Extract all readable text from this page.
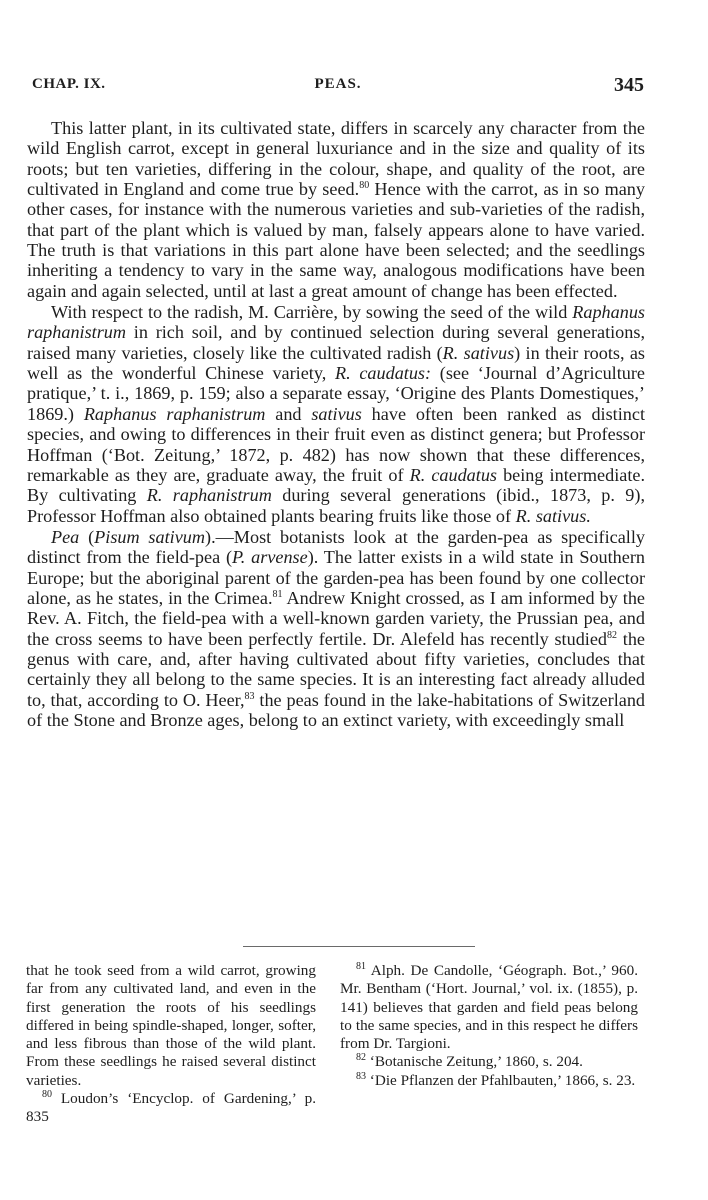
CHAP. IX.	PEAS.	345

This latter plant, in its cultivated state, differs in scarcely any character from the wild English carrot, except in general luxuriance and in the size and quality of its roots; but ten varieties, differing in the colour, shape, and quality of the root, are cultivated in England and come true by seed.$^{80}$ Hence with the carrot, as in so many other cases, for instance with the numerous varieties and sub-varieties of the radish, that part of the plant which is valued by man, falsely appears alone to have varied. The truth is that variations in this part alone have been selected; and the seedlings inheriting a tendency to vary in the same way, analogous modifications have been again and again selected, until at last a great amount of change has been effected.

With respect to the radish, M. Carrière, by sowing the seed of the wild Raphanus raphanistrum in rich soil, and by continued selection during several generations, raised many varieties, closely like the cultivated radish (R. sativus) in their roots, as well as the wonderful Chinese variety, R. caudatus: (see ‘Journal d’Agriculture pratique,’ t. i., 1869, p. 159; also a separate essay, ‘Origine des Plants Domestiques,’ 1869.) Raphanus raphanistrum and sativus have often been ranked as distinct species, and owing to differences in their fruit even as distinct genera; but Professor Hoffman (‘Bot. Zeitung,’ 1872, p. 482) has now shown that these differences, remarkable as they are, graduate away, the fruit of R. caudatus being intermediate. By cultivating R. raphanistrum during several generations (ibid., 1873, p. 9), Professor Hoffman also obtained plants bearing fruits like those of R. sativus.

Pea (Pisum sativum).—Most botanists look at the garden-pea as specifically distinct from the field-pea (P. arvense). The latter exists in a wild state in Southern Europe; but the aboriginal parent of the garden-pea has been found by one collector alone, as he states, in the Crimea.$^{81}$ Andrew Knight crossed, as I am informed by the Rev. A. Fitch, the field-pea with a well-known garden variety, the Prussian pea, and the cross seems to have been perfectly fertile. Dr. Alefeld has recently studied$^{82}$ the genus with care, and, after having cultivated about fifty varieties, concludes that certainly they all belong to the same species. It is an interesting fact already alluded to, that, according to O. Heer,$^{83}$ the peas found in the lake-habitations of Switzerland of the Stone and Bronze ages, belong to an extinct variety, with exceedingly small

that he took seed from a wild carrot, growing far from any cultivated land, and even in the first generation the roots of his seedlings differed in being spindle-shaped, longer, softer, and less fibrous than those of the wild plant. From these seedlings he raised several distinct varieties.

$^{80}$ Loudon’s ‘Encyclop. of Gardening,’ p. 835

$^{81}$ Alph. De Candolle, ‘Géograph. Bot.,’ 960. Mr. Bentham (‘Hort. Journal,’ vol. ix. (1855), p. 141) believes that garden and field peas belong to the same species, and in this respect he differs from Dr. Targioni.

$^{82}$ ‘Botanische Zeitung,’ 1860, s. 204.

$^{83}$ ‘Die Pflanzen der Pfahlbauten,’ 1866, s. 23.
